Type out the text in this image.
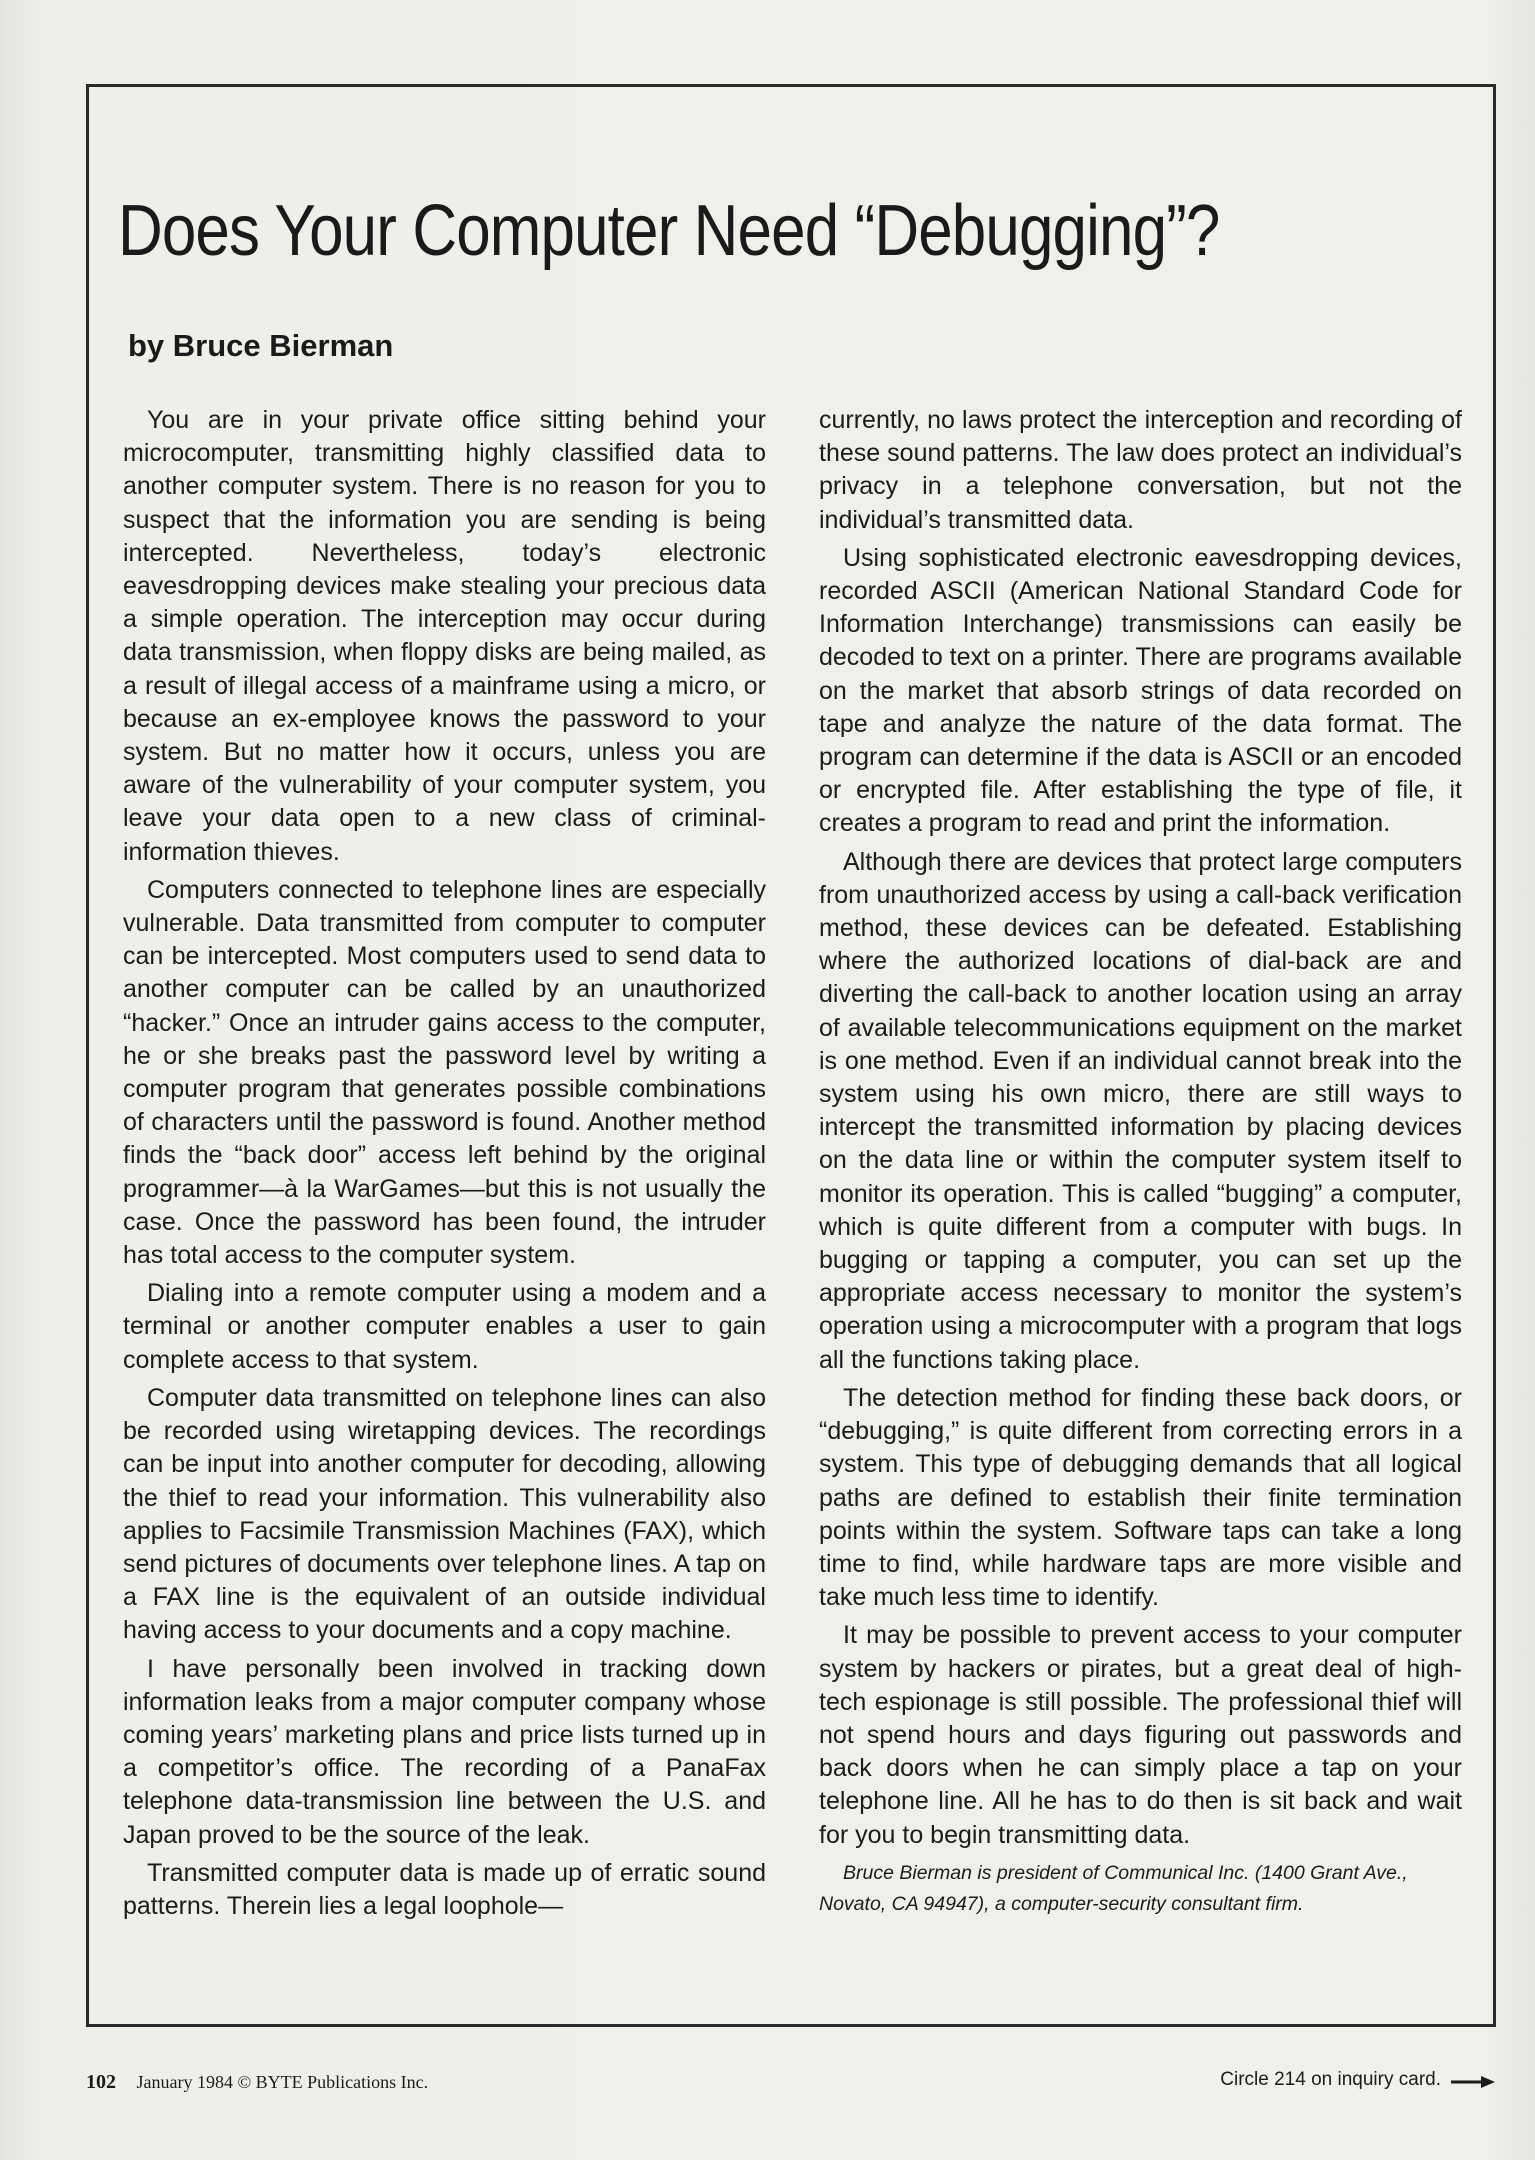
Does Your Computer Need “Debugging”?
by Bruce Bierman

You are in your private office sitting behind your microcomputer, transmitting highly classified data to another computer system. There is no reason for you to suspect that the information you are sending is being intercepted. Nevertheless, today’s electronic eavesdropping devices make stealing your precious data a simple operation. The interception may occur during data transmission, when floppy disks are being mailed, as a result of illegal access of a mainframe using a micro, or because an ex-employee knows the password to your system. But no matter how it occurs, unless you are aware of the vulnerability of your computer system, you leave your data open to a new class of criminal-information thieves.

Computers connected to telephone lines are especially vulnerable. Data transmitted from computer to computer can be intercepted. Most computers used to send data to another computer can be called by an unauthorized “hacker.” Once an intruder gains access to the computer, he or she breaks past the password level by writing a computer program that generates possible combinations of characters until the password is found. Another method finds the “back door” access left behind by the original programmer—à la WarGames—but this is not usually the case. Once the password has been found, the intruder has total access to the computer system.

Dialing into a remote computer using a modem and a terminal or another computer enables a user to gain complete access to that system.

Computer data transmitted on telephone lines can also be recorded using wiretapping devices. The recordings can be input into another computer for decoding, allowing the thief to read your information. This vulnerability also applies to Facsimile Transmission Machines (FAX), which send pictures of documents over telephone lines. A tap on a FAX line is the equivalent of an outside individual having access to your documents and a copy machine.

I have personally been involved in tracking down information leaks from a major computer company whose coming years’ marketing plans and price lists turned up in a competitor’s office. The recording of a PanaFax telephone data-transmission line between the U.S. and Japan proved to be the source of the leak.

Transmitted computer data is made up of erratic sound patterns. Therein lies a legal loophole—

currently, no laws protect the interception and recording of these sound patterns. The law does protect an individual’s privacy in a telephone conversation, but not the individual’s transmitted data.

Using sophisticated electronic eavesdropping devices, recorded ASCII (American National Standard Code for Information Interchange) transmissions can easily be decoded to text on a printer. There are programs available on the market that absorb strings of data recorded on tape and analyze the nature of the data format. The program can determine if the data is ASCII or an encoded or encrypted file. After establishing the type of file, it creates a program to read and print the information.

Although there are devices that protect large computers from unauthorized access by using a call-back verification method, these devices can be defeated. Establishing where the authorized locations of dial-back are and diverting the call-back to another location using an array of available telecommunications equipment on the market is one method. Even if an individual cannot break into the system using his own micro, there are still ways to intercept the transmitted information by placing devices on the data line or within the computer system itself to monitor its operation. This is called “bugging” a computer, which is quite different from a computer with bugs. In bugging or tapping a computer, you can set up the appropriate access necessary to monitor the system’s operation using a microcomputer with a program that logs all the functions taking place.

The detection method for finding these back doors, or “debugging,” is quite different from correcting errors in a system. This type of debugging demands that all logical paths are defined to establish their finite termination points within the system. Software taps can take a long time to find, while hardware taps are more visible and take much less time to identify.

It may be possible to prevent access to your computer system by hackers or pirates, but a great deal of high-tech espionage is still possible. The professional thief will not spend hours and days figuring out passwords and back doors when he can simply place a tap on your telephone line. All he has to do then is sit back and wait for you to begin transmitting data.

Bruce Bierman is president of Communical Inc. (1400 Grant Ave., Novato, CA 94947), a computer-security consultant firm.

102 January 1984 © BYTE Publications Inc.	Circle 214 on inquiry card.
